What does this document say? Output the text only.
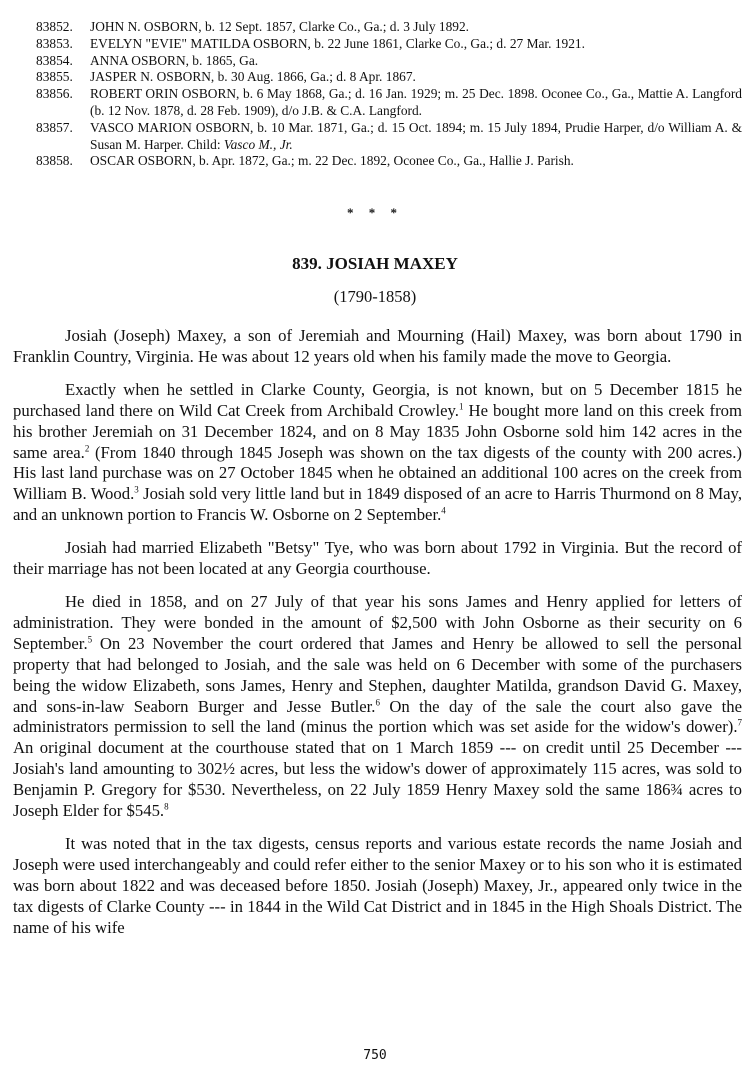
83852.	JOHN N. OSBORN, b. 12 Sept. 1857, Clarke Co., Ga.; d. 3 July 1892.
83853.	EVELYN "EVIE" MATILDA OSBORN, b. 22 June 1861, Clarke Co., Ga.; d. 27 Mar. 1921.
83854.	ANNA OSBORN, b. 1865, Ga.
83855.	JASPER N. OSBORN, b. 30 Aug. 1866, Ga.; d. 8 Apr. 1867.
83856.	ROBERT ORIN OSBORN, b. 6 May 1868, Ga.; d. 16 Jan. 1929; m. 25 Dec. 1898. Oconee Co., Ga., Mattie A. Langford (b. 12 Nov. 1878, d. 28 Feb. 1909), d/o J.B. & C.A. Langford.
83857.	VASCO MARION OSBORN, b. 10 Mar. 1871, Ga.; d. 15 Oct. 1894; m. 15 July 1894, Prudie Harper, d/o William A. & Susan M. Harper. Child: Vasco M., Jr.
83858.	OSCAR OSBORN, b. Apr. 1872, Ga.; m. 22 Dec. 1892, Oconee Co., Ga., Hallie J. Parish.
* * *
839. JOSIAH MAXEY
(1790-1858)

Josiah (Joseph) Maxey, a son of Jeremiah and Mourning (Hail) Maxey, was born about 1790 in Franklin Country, Virginia. He was about 12 years old when his family made the move to Georgia.

Exactly when he settled in Clarke County, Georgia, is not known, but on 5 December 1815 he purchased land there on Wild Cat Creek from Archibald Crowley.$^1$ He bought more land on this creek from his brother Jeremiah on 31 December 1824, and on 8 May 1835 John Osborne sold him 142 acres in the same area.$^2$ (From 1840 through 1845 Joseph was shown on the tax digests of the county with 200 acres.) His last land purchase was on 27 October 1845 when he obtained an additional 100 acres on the creek from William B. Wood.$^3$ Josiah sold very little land but in 1849 disposed of an acre to Harris Thurmond on 8 May, and an unknown portion to Francis W. Osborne on 2 September.$^4$

Josiah had married Elizabeth "Betsy" Tye, who was born about 1792 in Virginia. But the record of their marriage has not been located at any Georgia courthouse.

He died in 1858, and on 27 July of that year his sons James and Henry applied for letters of administration. They were bonded in the amount of $2,500 with John Osborne as their security on 6 September.$^5$ On 23 November the court ordered that James and Henry be allowed to sell the personal property that had belonged to Josiah, and the sale was held on 6 December with some of the purchasers being the widow Elizabeth, sons James, Henry and Stephen, daughter Matilda, grandson David G. Maxey, and sons-in-law Seaborn Burger and Jesse Butler.$^6$ On the day of the sale the court also gave the administrators permission to sell the land (minus the portion which was set aside for the widow's dower).$^7$ An original document at the courthouse stated that on 1 March 1859 --- on credit until 25 December --- Josiah's land amounting to 302½ acres, but less the widow's dower of approximately 115 acres, was sold to Benjamin P. Gregory for $530. Nevertheless, on 22 July 1859 Henry Maxey sold the same 186¾ acres to Joseph Elder for $545.$^8$

It was noted that in the tax digests, census reports and various estate records the name Josiah and Joseph were used interchangeably and could refer either to the senior Maxey or to his son who it is estimated was born about 1822 and was deceased before 1850. Josiah (Joseph) Maxey, Jr., appeared only twice in the tax digests of Clarke County --- in 1844 in the Wild Cat District and in 1845 in the High Shoals District. The name of his wife

750
